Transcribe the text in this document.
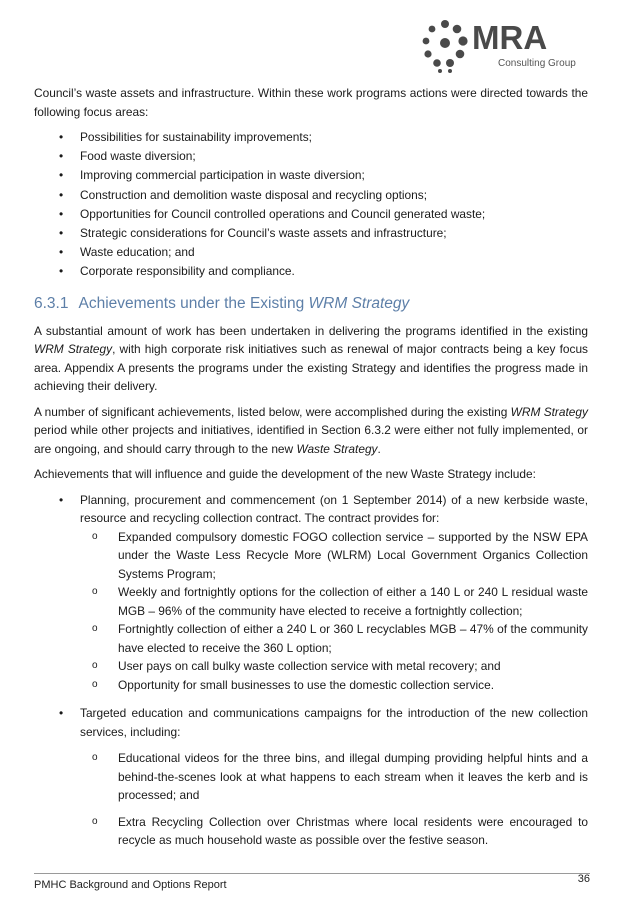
MRA
Consulting Group

Council’s waste assets and infrastructure. Within these work programs actions were directed towards the following focus areas:

• Possibilities for sustainability improvements;
• Food waste diversion;
• Improving commercial participation in waste diversion;
• Construction and demolition waste disposal and recycling options;
• Opportunities for Council controlled operations and Council generated waste;
• Strategic considerations for Council’s waste assets and infrastructure;
• Waste education; and
• Corporate responsibility and compliance.
6.3.1 Achievements under the Existing WRM Strategy

A substantial amount of work has been undertaken in delivering the programs identified in the existing WRM Strategy, with high corporate risk initiatives such as renewal of major contracts being a key focus area. Appendix A presents the programs under the existing Strategy and identifies the progress made in achieving their delivery.

A number of significant achievements, listed below, were accomplished during the existing WRM Strategy period while other projects and initiatives, identified in Section 6.3.2 were either not fully implemented, or are ongoing, and should carry through to the new Waste Strategy.

Achievements that will influence and guide the development of the new Waste Strategy include:

• Planning, procurement and commencement (on 1 September 2014) of a new kerbside waste, resource and recycling collection contract. The contract provides for:
o Expanded compulsory domestic FOGO collection service – supported by the NSW EPA under the Waste Less Recycle More (WLRM) Local Government Organics Collection Systems Program;
o Weekly and fortnightly options for the collection of either a 140 L or 240 L residual waste MGB – 96% of the community have elected to receive a fortnightly collection;
o Fortnightly collection of either a 240 L or 360 L recyclables MGB – 47% of the community have elected to receive the 360 L option;
o User pays on call bulky waste collection service with metal recovery; and
o Opportunity for small businesses to use the domestic collection service.
• Targeted education and communications campaigns for the introduction of the new collection services, including:
o Educational videos for the three bins, and illegal dumping providing helpful hints and a behind-the-scenes look at what happens to each stream when it leaves the kerb and is processed; and
o Extra Recycling Collection over Christmas where local residents were encouraged to recycle as much household waste as possible over the festive season.
PMHC Background and Options Report	36
